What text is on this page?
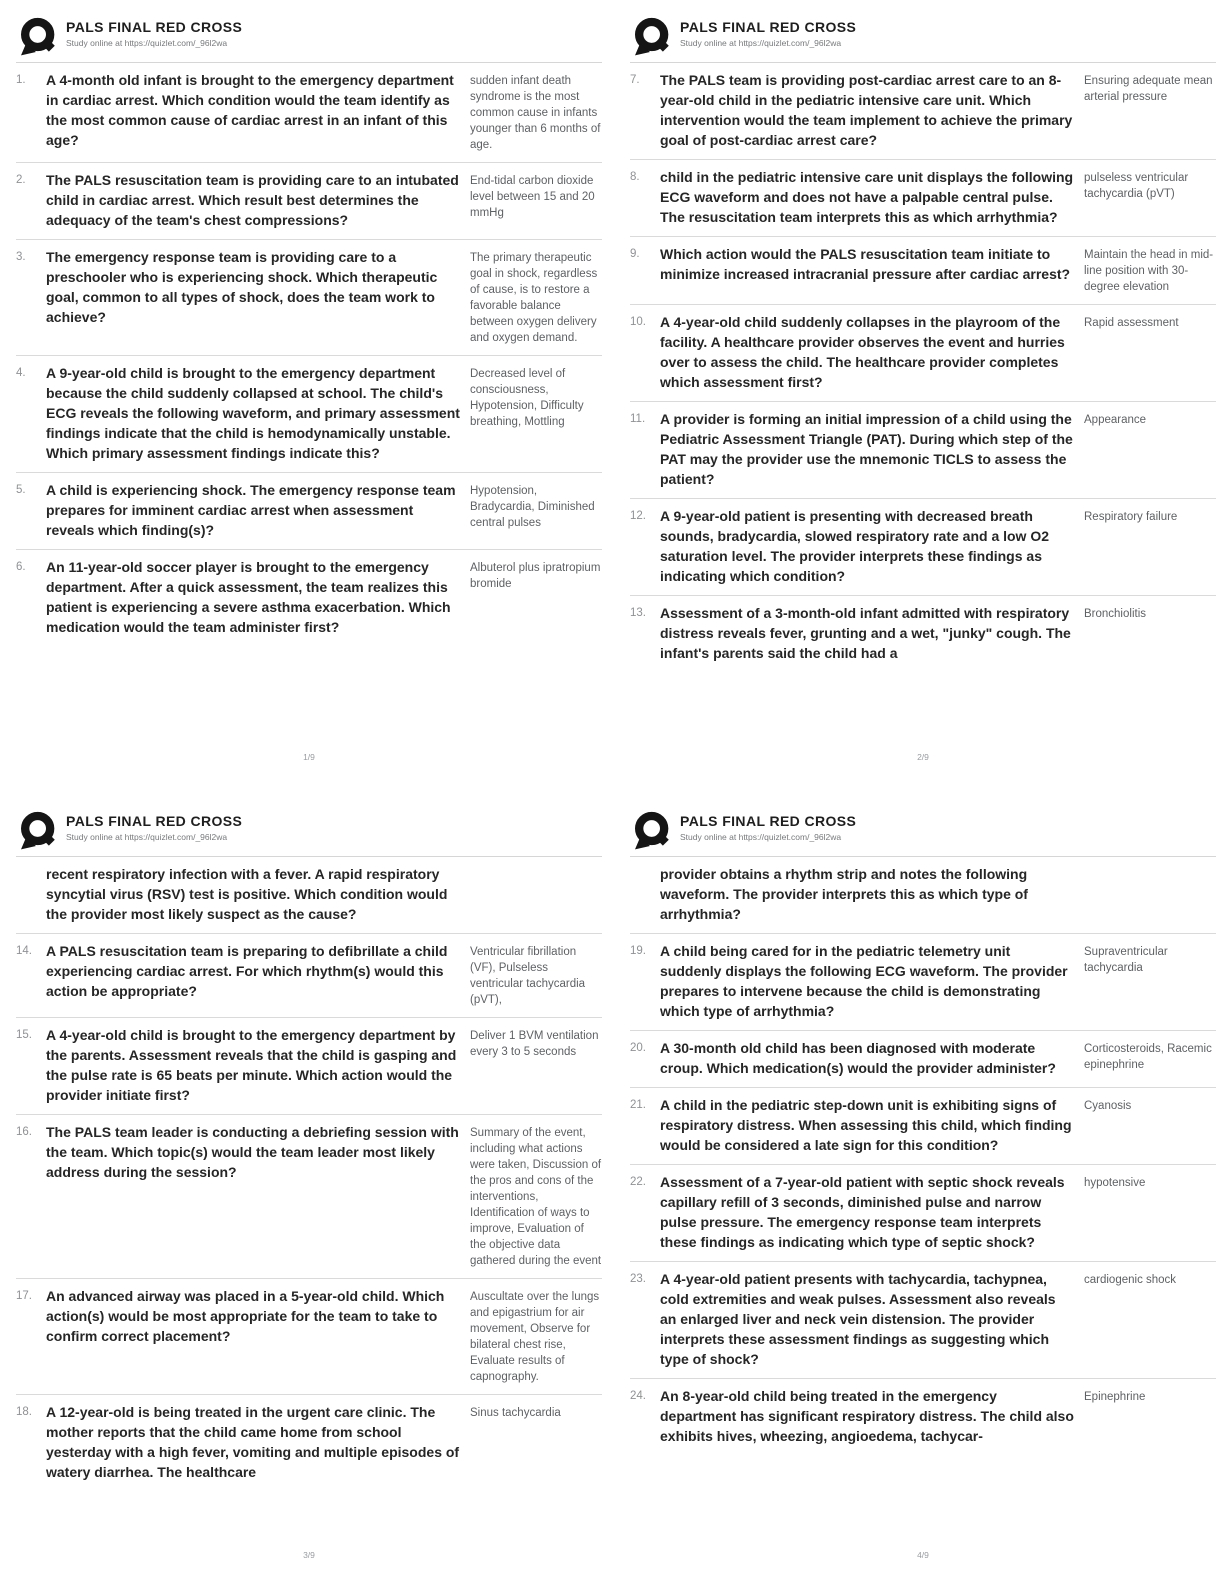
PALS FINAL RED CROSS
Study online at https://quizlet.com/_96l2wa
1.	A 4-month old infant is brought to the emergency department in cardiac arrest. Which condition would the team identify as the most common cause of cardiac arrest in an infant of this age?
sudden infant death syndrome is the most common cause in infants younger than 6 months of age.
2.	The PALS resuscitation team is providing care to an intubated child in cardiac arrest. Which result best determines the adequacy of the team's chest compressions?
End-tidal carbon dioxide level between 15 and 20 mmHg
3.	The emergency response team is providing care to a preschooler who is experiencing shock. Which therapeutic goal, common to all types of shock, does the team work to achieve?
The primary therapeutic goal in shock, regardless of cause, is to restore a favorable balance between oxygen delivery and oxygen demand.
4.	A 9-year-old child is brought to the emergency department because the child suddenly collapsed at school. The child's ECG reveals the following waveform, and primary assessment findings indicate that the child is hemodynamically unstable. Which primary assessment findings indicate this?
Decreased level of consciousness, Hypotension, Difficulty breathing, Mottling
5.	A child is experiencing shock. The emergency response team prepares for imminent cardiac arrest when assessment reveals which finding(s)?
Hypotension, Bradycardia, Diminished central pulses
6.	An 11-year-old soccer player is brought to the emergency department. After a quick assessment, the team realizes this patient is experiencing a severe asthma exacerbation. Which medication would the team administer first?
Albuterol plus ipratropium bromide
1/9
PALS FINAL RED CROSS
Study online at https://quizlet.com/_96l2wa
7.	The PALS team is providing post-cardiac arrest care to an 8-year-old child in the pediatric intensive care unit. Which intervention would the team implement to achieve the primary goal of post-cardiac arrest care?
Ensuring adequate mean arterial pressure
8.	child in the pediatric intensive care unit displays the following ECG waveform and does not have a palpable central pulse. The resuscitation team interprets this as which arrhythmia?
pulseless ventricular tachycardia (pVT)
9.	Which action would the PALS resuscitation team initiate to minimize increased intracranial pressure after cardiac arrest?
Maintain the head in mid-line position with 30-degree elevation
10.	A 4-year-old child suddenly collapses in the playroom of the facility. A healthcare provider observes the event and hurries over to assess the child. The healthcare provider completes which assessment first?
Rapid assessment
11.	A provider is forming an initial impression of a child using the Pediatric Assessment Triangle (PAT). During which step of the PAT may the provider use the mnemonic TICLS to assess the patient?
Appearance
12.	A 9-year-old patient is presenting with decreased breath sounds, bradycardia, slowed respiratory rate and a low O2 saturation level. The provider interprets these findings as indicating which condition?
Respiratory failure
13.	Assessment of a 3-month-old infant admitted with respiratory distress reveals fever, grunting and a wet, "junky" cough. The infant's parents said the child had a
Bronchiolitis
2/9
PALS FINAL RED CROSS
Study online at https://quizlet.com/_96l2wa
recent respiratory infection with a fever. A rapid respiratory syncytial virus (RSV) test is positive. Which condition would the provider most likely suspect as the cause?
14.	A PALS resuscitation team is preparing to defibrillate a child experiencing cardiac arrest. For which rhythm(s) would this action be appropriate?
Ventricular fibrillation (VF), Pulseless ventricular tachycardia (pVT),
15.	A 4-year-old child is brought to the emergency department by the parents. Assessment reveals that the child is gasping and the pulse rate is 65 beats per minute. Which action would the provider initiate first?
Deliver 1 BVM ventilation every 3 to 5 seconds
16.	The PALS team leader is conducting a debriefing session with the team. Which topic(s) would the team leader most likely address during the session?
Summary of the event, including what actions were taken, Discussion of the pros and cons of the interventions, Identification of ways to improve, Evaluation of the objective data gathered during the event
17.	An advanced airway was placed in a 5-year-old child. Which action(s) would be most appropriate for the team to take to confirm correct placement?
Auscultate over the lungs and epigastrium for air movement, Observe for bilateral chest rise, Evaluate results of capnography.
18.	A 12-year-old is being treated in the urgent care clinic. The mother reports that the child came home from school yesterday with a high fever, vomiting and multiple episodes of watery diarrhea. The healthcare
Sinus tachycardia
3/9
PALS FINAL RED CROSS
Study online at https://quizlet.com/_96l2wa
provider obtains a rhythm strip and notes the following waveform. The provider interprets this as which type of arrhythmia?
19.	A child being cared for in the pediatric telemetry unit suddenly displays the following ECG waveform. The provider prepares to intervene because the child is demonstrating which type of arrhythmia?
Supraventricular tachycardia
20.	A 30-month old child has been diagnosed with moderate croup. Which medication(s) would the provider administer?
Corticosteroids, Racemic epinephrine
21.	A child in the pediatric step-down unit is exhibiting signs of respiratory distress. When assessing this child, which finding would be considered a late sign for this condition?
Cyanosis
22.	Assessment of a 7-year-old patient with septic shock reveals capillary refill of 3 seconds, diminished pulse and narrow pulse pressure. The emergency response team interprets these findings as indicating which type of septic shock?
hypotensive
23.	A 4-year-old patient presents with tachycardia, tachypnea, cold extremities and weak pulses. Assessment also reveals an enlarged liver and neck vein distension. The provider interprets these assessment findings as suggesting which type of shock?
cardiogenic shock
24.	An 8-year-old child being treated in the emergency department has significant respiratory distress. The child also exhibits hives, wheezing, angioedema, tachycar-
Epinephrine
4/9
